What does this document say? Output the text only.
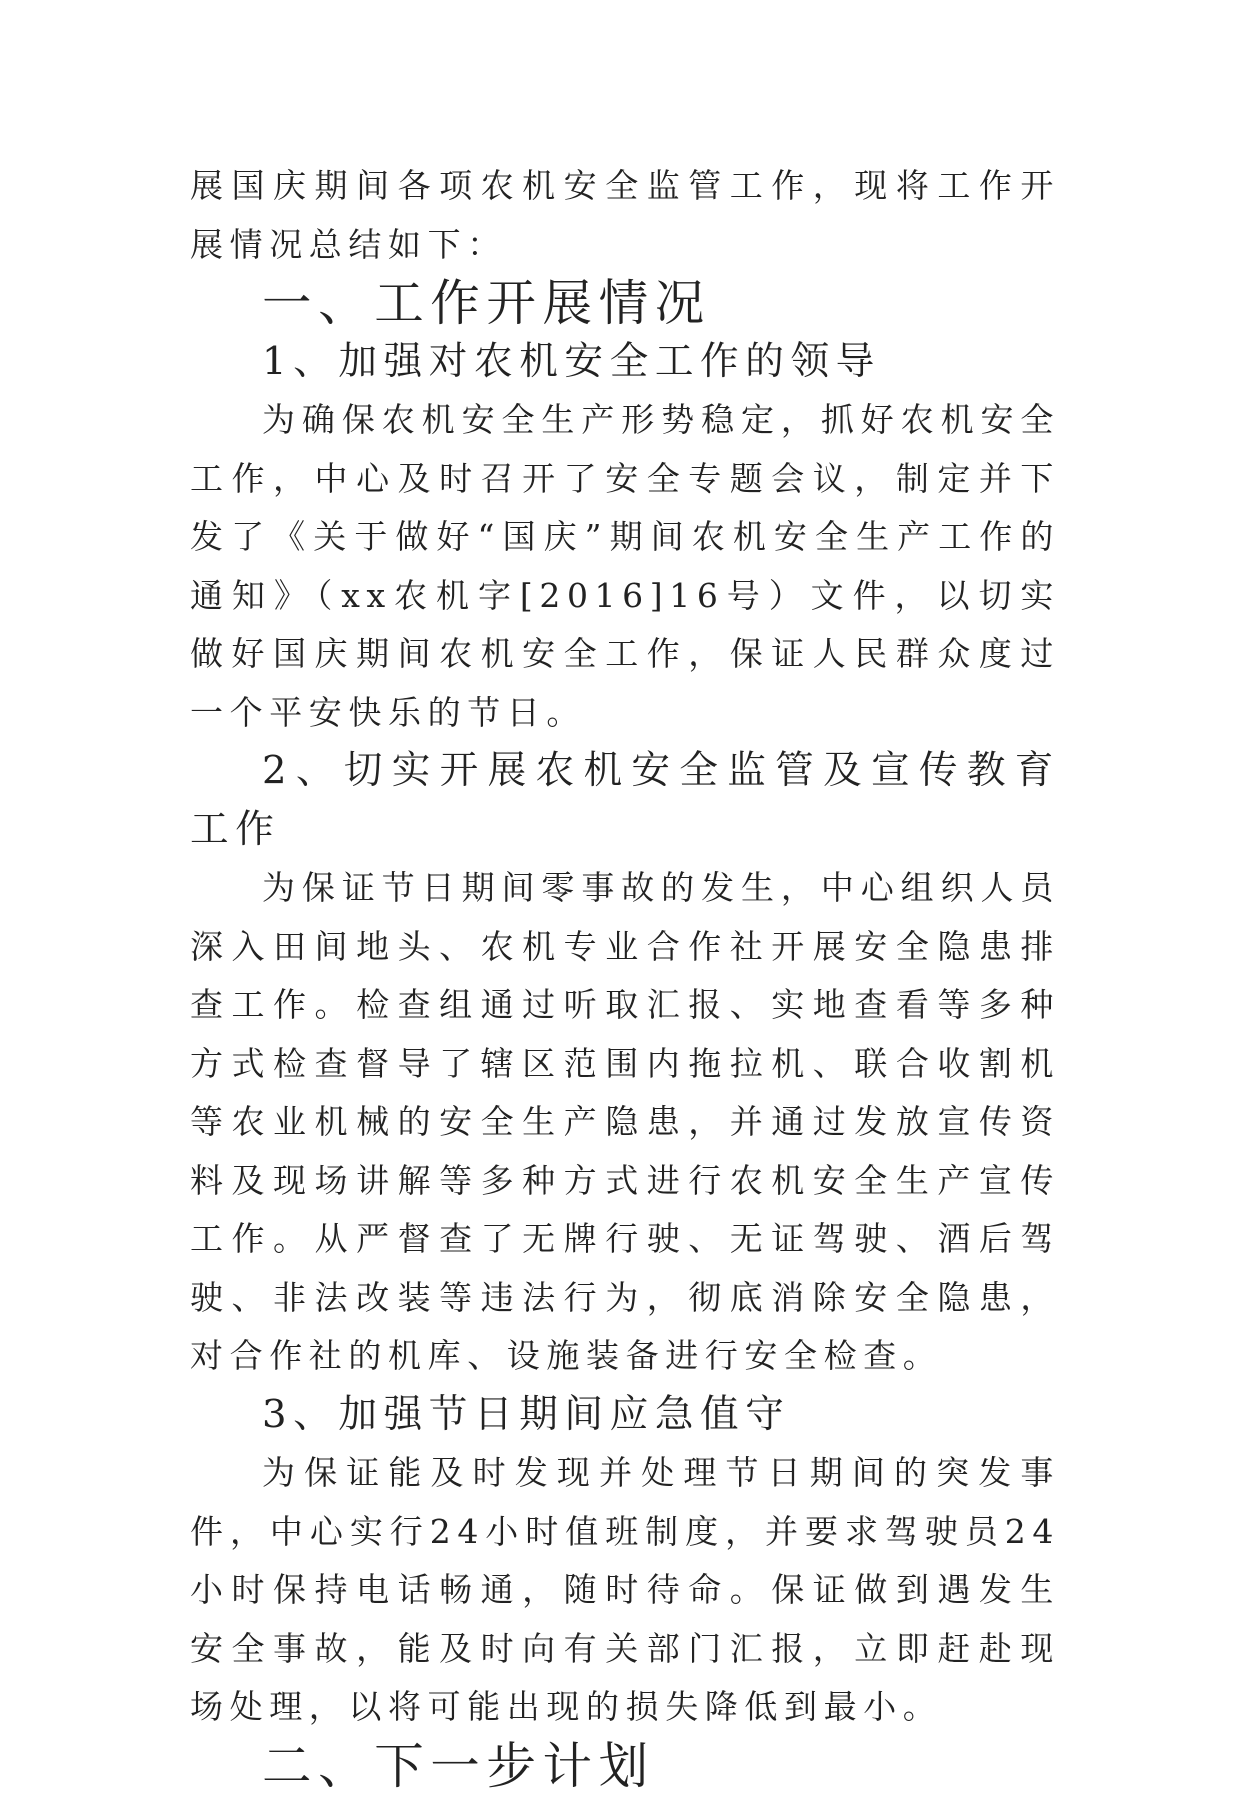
展国庆期间各项农机安全监管工作，现将工作开展情况总结如下：

一、工作开展情况
1、加强对农机安全工作的领导

为确保农机安全生产形势稳定，抓好农机安全工作，中心及时召开了安全专题会议，制定并下发了《关于做好“国庆”期间农机安全生产工作的通知》（xx农机字[2016]16号）文件，以切实做好国庆期间农机安全工作，保证人民群众度过一个平安快乐的节日。

2、切实开展农机安全监管及宣传教育工作

为保证节日期间零事故的发生，中心组织人员深入田间地头、农机专业合作社开展安全隐患排查工作。检查组通过听取汇报、实地查看等多种方式检查督导了辖区范围内拖拉机、联合收割机等农业机械的安全生产隐患，并通过发放宣传资料及现场讲解等多种方式进行农机安全生产宣传工作。从严督查了无牌行驶、无证驾驶、酒后驾驶、非法改装等违法行为，彻底消除安全隐患，对合作社的机库、设施装备进行安全检查。

3、加强节日期间应急值守

为保证能及时发现并处理节日期间的突发事件，中心实行24小时值班制度，并要求驾驶员24小时保持电话畅通，随时待命。保证做到遇发生安全事故，能及时向有关部门汇报，立即赶赴现场处理，以将可能出现的损失降低到最小。

二、下一步计划
